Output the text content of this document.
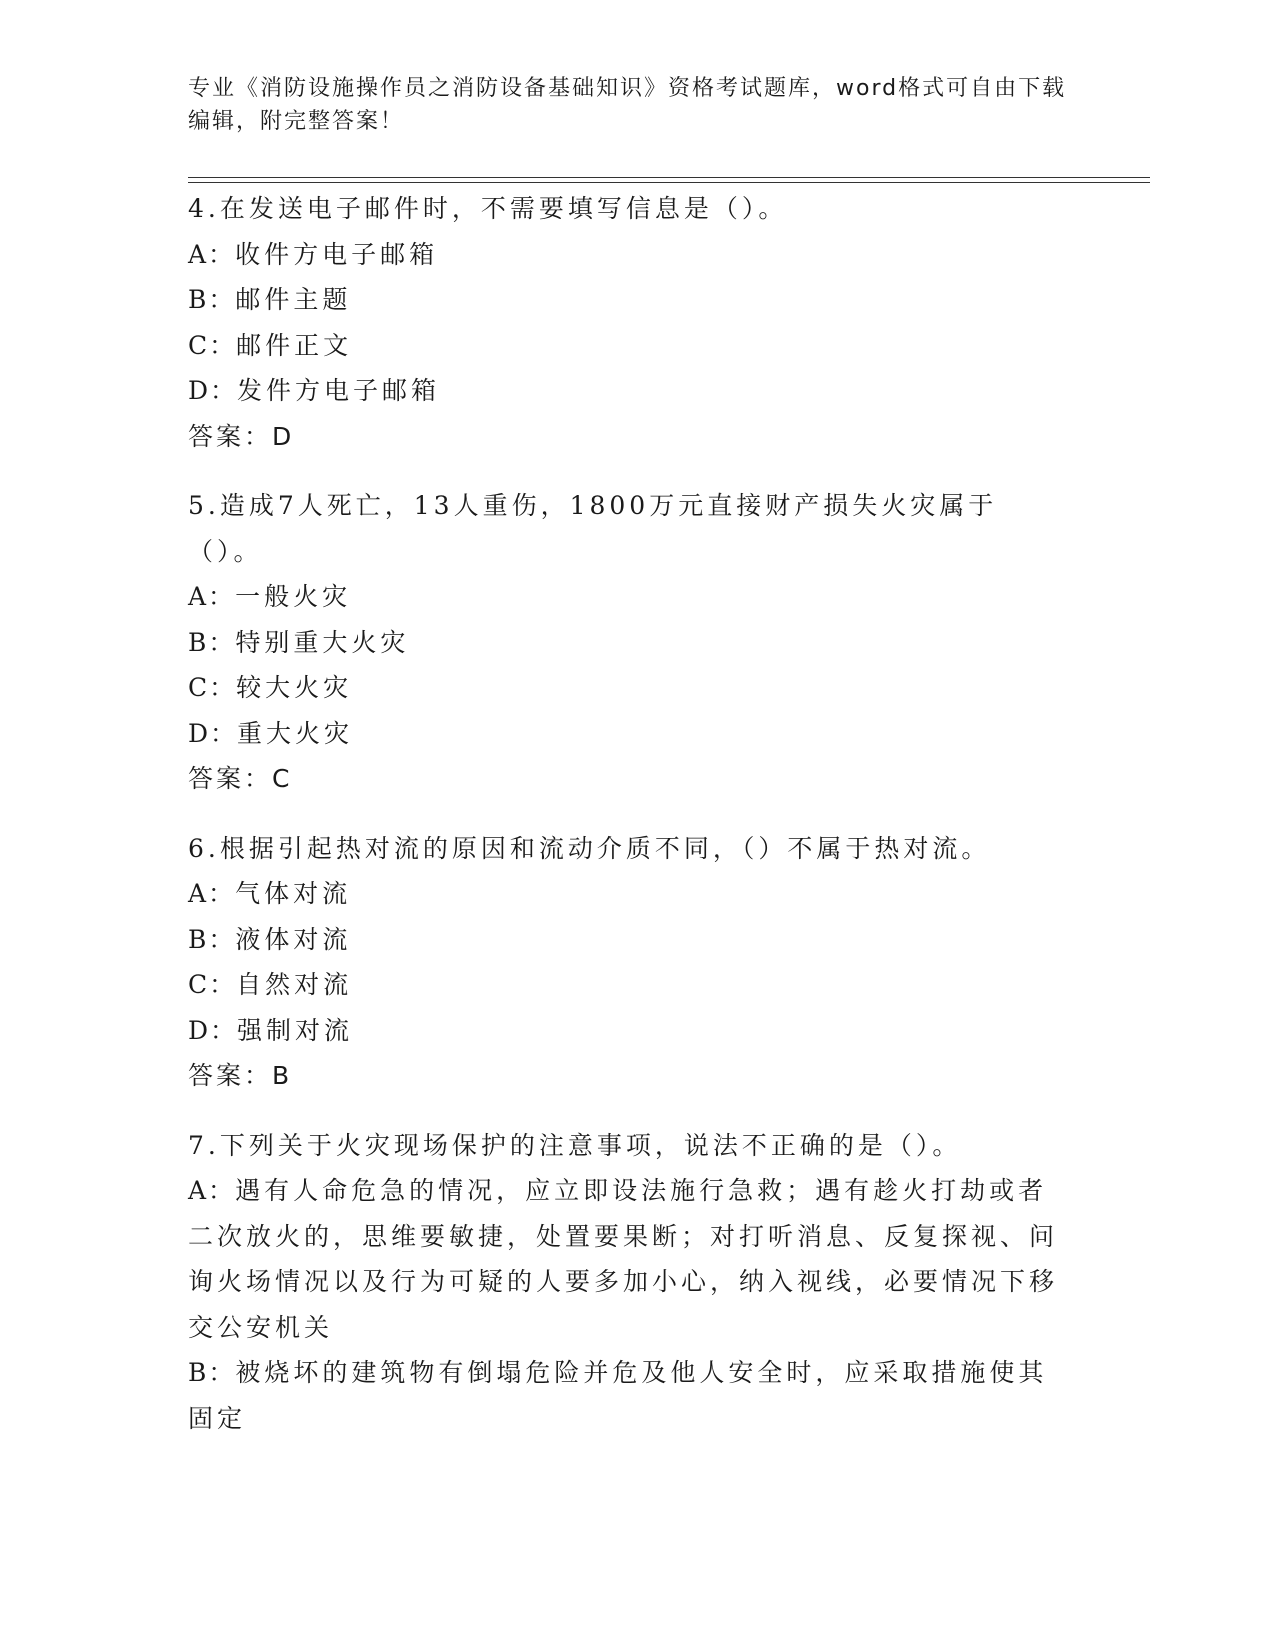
专业《消防设施操作员之消防设备基础知识》资格考试题库，word格式可自由下载编辑，附完整答案！
4.在发送电子邮件时，不需要填写信息是（）。
A：收件方电子邮箱
B：邮件主题
C：邮件正文
D：发件方电子邮箱
答案：D
5.造成7人死亡，13人重伤，1800万元直接财产损失火灾属于（）。
A：一般火灾
B：特别重大火灾
C：较大火灾
D：重大火灾
答案：C
6.根据引起热对流的原因和流动介质不同，（）不属于热对流。
A：气体对流
B：液体对流
C：自然对流
D：强制对流
答案：B
7.下列关于火灾现场保护的注意事项，说法不正确的是（）。
A：遇有人命危急的情况，应立即设法施行急救；遇有趁火打劫或者二次放火的，思维要敏捷，处置要果断；对打听消息、反复探视、问询火场情况以及行为可疑的人要多加小心，纳入视线，必要情况下移交公安机关
B：被烧坏的建筑物有倒塌危险并危及他人安全时，应采取措施使其固定
